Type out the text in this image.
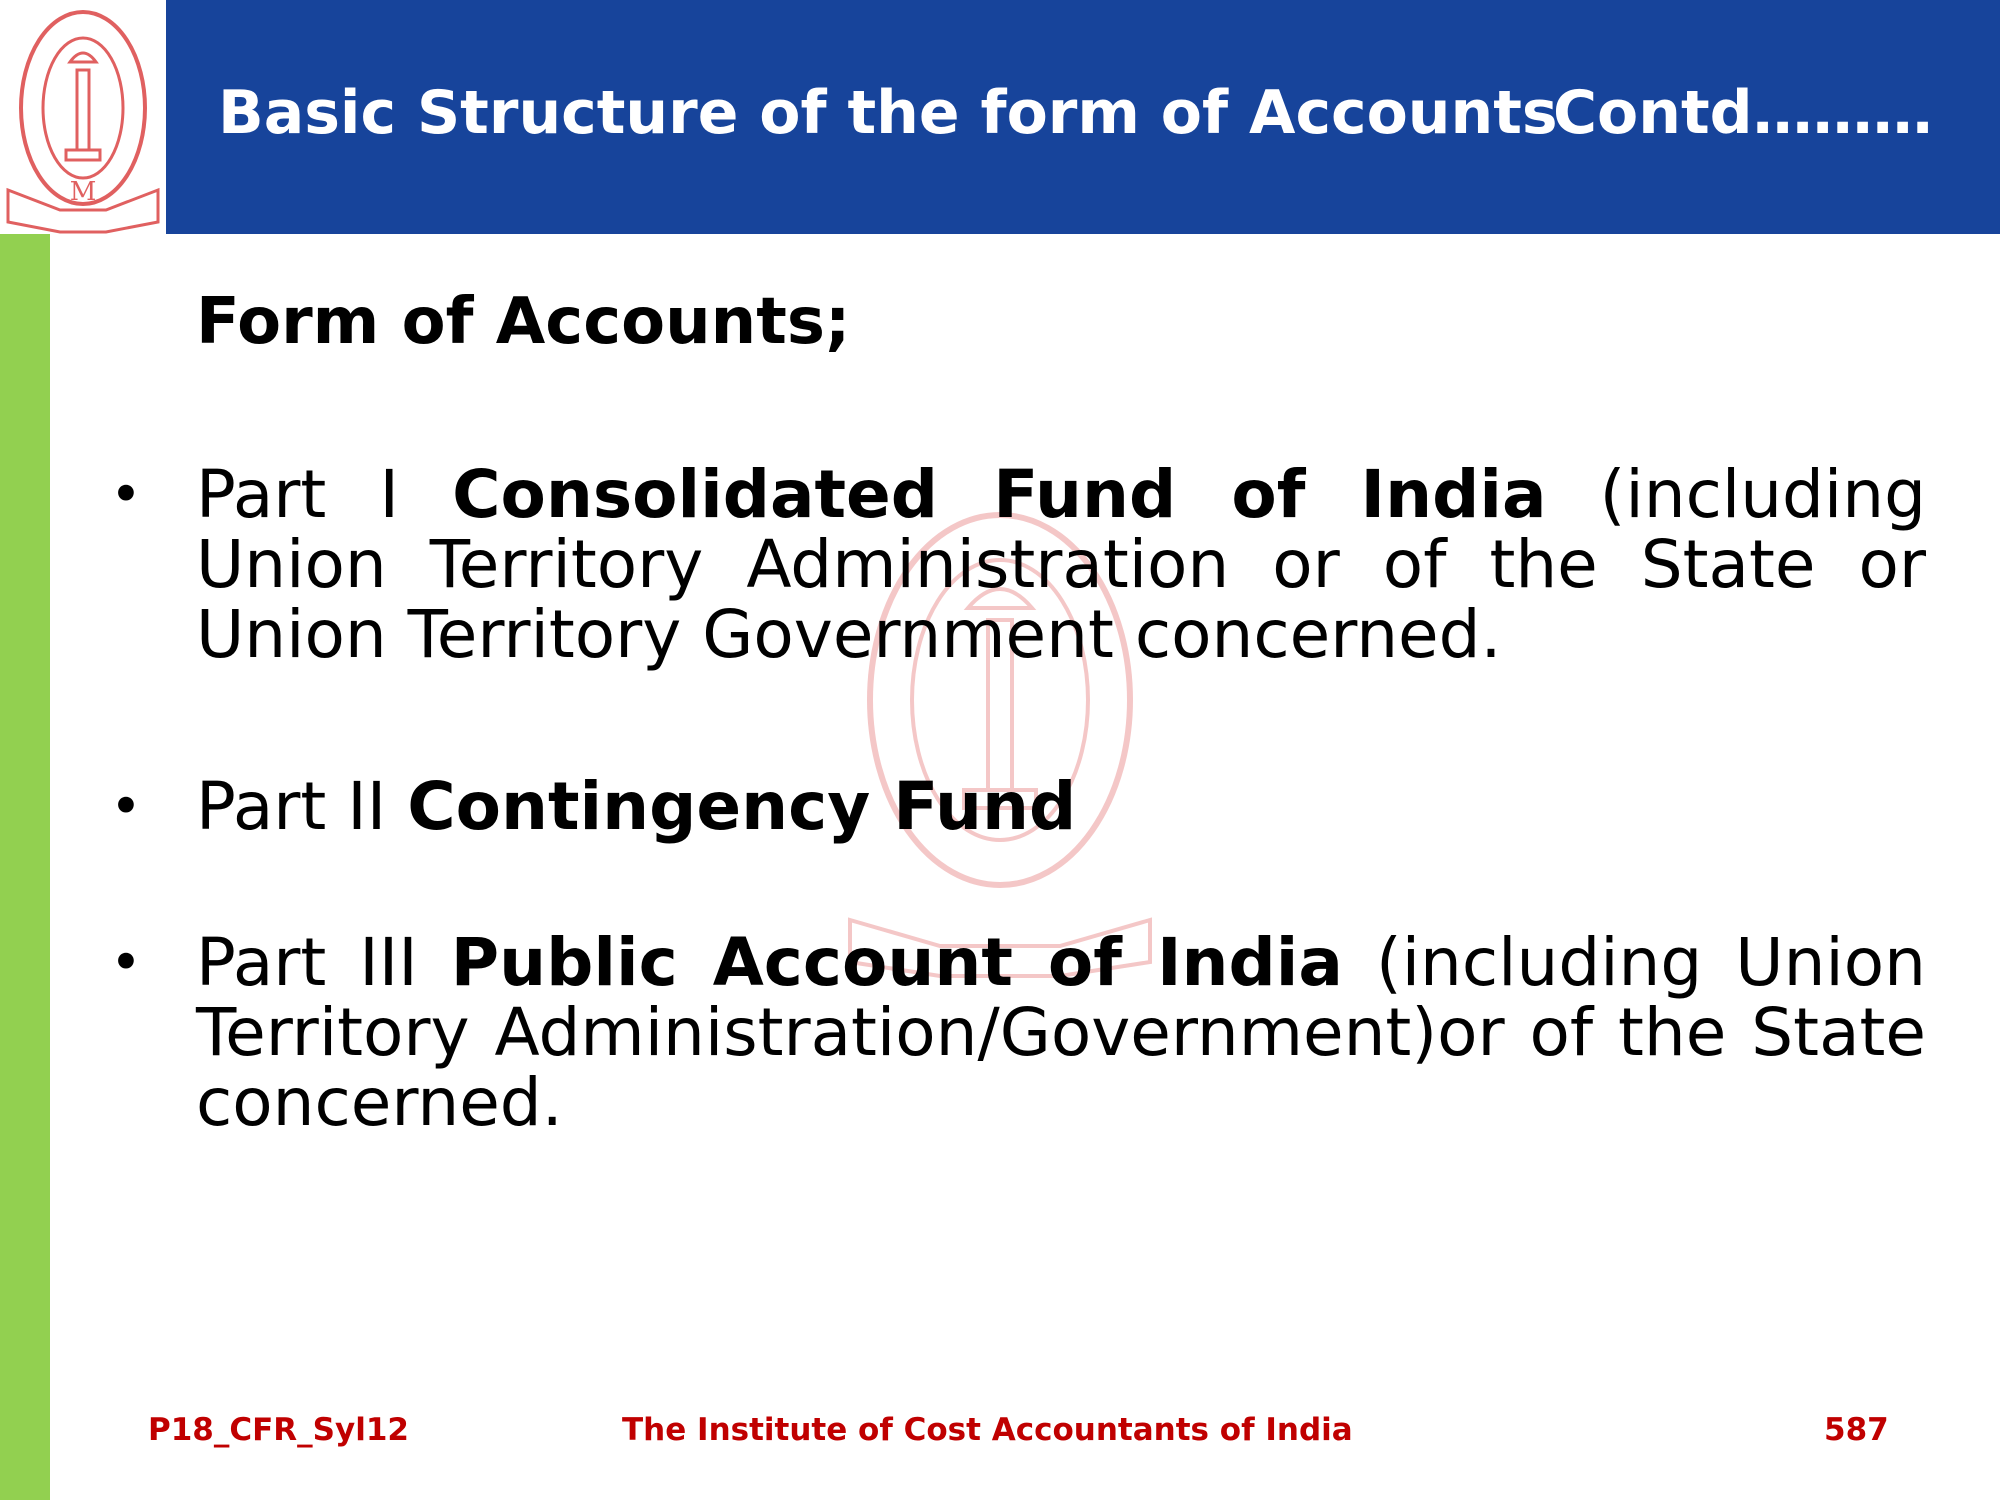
Basic Structure of the form of Accounts
Contd………
M
Form of Accounts;
• Part I Consolidated Fund of India (including Union Territory Administration or of the State or Union Territory Government concerned.
• Part II Contingency Fund
• Part III Public Account of India (including Union Territory Administration/Government)or of the State concerned.
P18_CFR_Syl12	The Institute of Cost Accountants of India	587
